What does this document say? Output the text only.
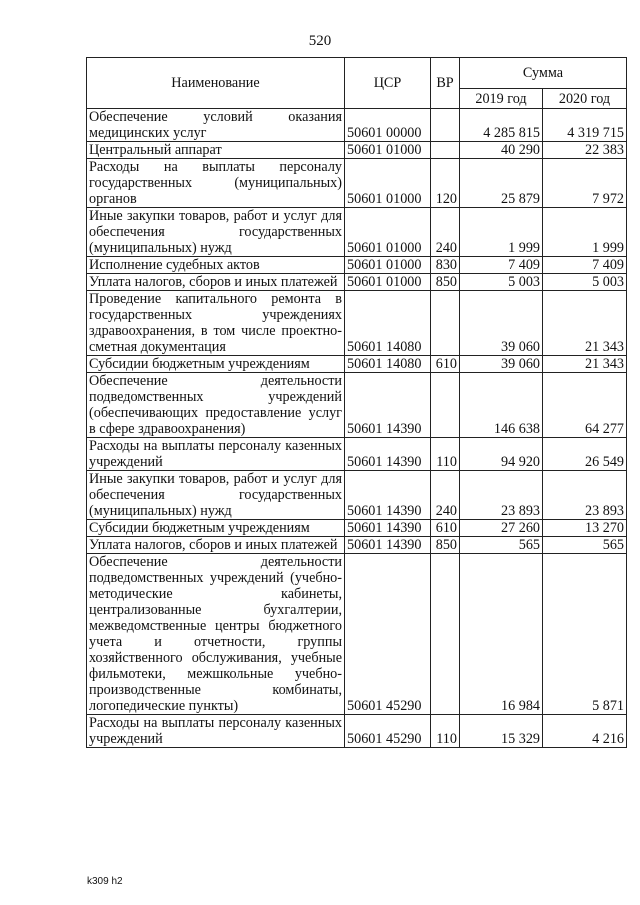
520
Наименование	ЦСР	ВР	Сумма	
			2019 год	2020 год
Обеспечение условий оказания медицинских услуг	50601 00000		4 285 815	4 319 715
Центральный аппарат	50601 01000		40 290	22 383
Расходы на выплаты персоналу государственных (муниципальных) органов	50601 01000	120	25 879	7 972
Иные закупки товаров, работ и услуг для обеспечения государственных (муниципальных) нужд	50601 01000	240	1 999	1 999
Исполнение судебных актов	50601 01000	830	7 409	7 409
Уплата налогов, сборов и иных платежей	50601 01000	850	5 003	5 003
Проведение капитального ремонта в государственных учреждениях здравоохранения, в том числе проектно-сметная документация	50601 14080		39 060	21 343
Субсидии бюджетным учреждениям	50601 14080	610	39 060	21 343
Обеспечение деятельности подведомственных учреждений (обеспечивающих предоставление услуг в сфере здравоохранения)	50601 14390		146 638	64 277
Расходы на выплаты персоналу казенных учреждений	50601 14390	110	94 920	26 549
Иные закупки товаров, работ и услуг для обеспечения государственных (муниципальных) нужд	50601 14390	240	23 893	23 893
Субсидии бюджетным учреждениям	50601 14390	610	27 260	13 270
Уплата налогов, сборов и иных платежей	50601 14390	850	565	565
Обеспечение деятельности подведомственных учреждений (учебно-методические кабинеты, централизованные бухгалтерии, межведомственные центры бюджетного учета и отчетности, группы хозяйственного обслуживания, учебные фильмотеки, межшкольные учебно-производственные комбинаты, логопедические пункты)	50601 45290		16 984	5 871
Расходы на выплаты персоналу казенных учреждений	50601 45290	110	15 329	4 216
k309 h2
